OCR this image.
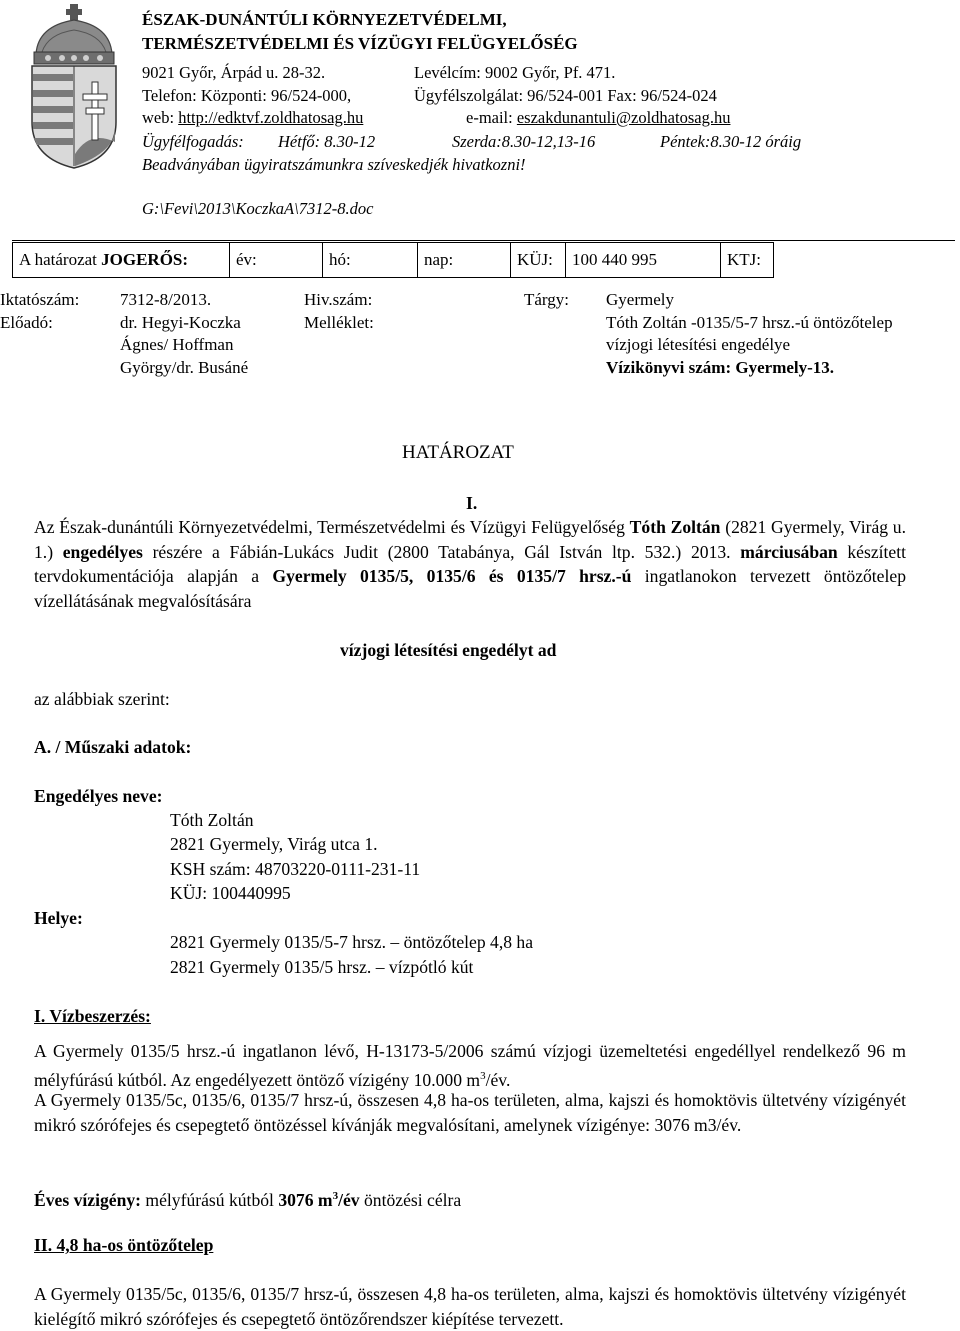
ÉSZAK-DUNÁNTÚLI KÖRNYEZETVÉDELMI,
TERMÉSZETVÉDELMI ÉS VÍZÜGYI FELÜGYELŐSÉG
9021 Győr, Árpád u. 28-32.	Levélcím: 9002 Győr, Pf. 471.
Telefon: Központi: 96/524-000,	Ügyfélszolgálat: 96/524-001 Fax: 96/524-024
web: http://edktvf.zoldhatosag.hu	e-mail: eszakdunantuli@zoldhatosag.hu
Ügyfélfogadás: Hétfő: 8.30-12	Szerda:8.30-12,13-16	Péntek:8.30-12 óráig
Beadványában ügyiratszámunkra szíveskedjék hivatkozni!
G:\Fevi\2013\KoczkaA\7312-8.doc
A határozat JOGERŐS:	év:	hó:	nap:	KÜJ:	100 440 995	KTJ:
Iktatószám: 7312-8/2013.
Előadó:	dr. Hegyi-Koczka
Ágnes/ Hoffman
György/dr. Busáné
Hiv.szám:
Melléklet:
Tárgy: Gyermely
Tóth Zoltán -0135/5-7 hrsz.-ú öntözőtelep
vízjogi létesítési engedélye
Vízikönyvi szám: Gyermely-13.
HATÁROZAT
I.
Az Észak-dunántúli Környezetvédelmi, Természetvédelmi és Vízügyi Felügyelőség Tóth Zoltán (2821 Gyermely, Virág u. 1.) engedélyes részére a Fábián-Lukács Judit (2800 Tatabánya, Gál István ltp. 532.) 2013. márciusában készített tervdokumentációja alapján a Gyermely 0135/5, 0135/6 és 0135/7 hrsz.-ú ingatlanokon tervezett öntözőtelep vízellátásának megvalósítására
vízjogi létesítési engedélyt ad
az alábbiak szerint:
A. / Műszaki adatok:
Engedélyes neve:
Tóth Zoltán
2821 Gyermely, Virág utca 1.
KSH szám: 48703220-0111-231-11
KÜJ: 100440995
Helye:
2821 Gyermely 0135/5-7 hrsz. – öntözőtelep 4,8 ha
2821 Gyermely 0135/5 hrsz. – vízpótló kút
I. Vízbeszerzés:
A Gyermely 0135/5 hrsz.-ú ingatlanon lévő, H-13173-5/2006 számú vízjogi üzemeltetési engedéllyel rendelkező 96 m mélyfúrású kútból. Az engedélyezett öntöző vízigény 10.000 $m^3/év$.
A Gyermely 0135/5c, 0135/6, 0135/7 hrsz-ú, összesen 4,8 ha-os területen, alma, kajszi és homoktövis ültetvény vízigényét mikró szórófejes és csepegtető öntözéssel kívánják megvalósítani, amelynek vízigénye: 3076 m3/év.
Éves vízigény: mélyfúrású kútból 3076 $m^3/év$ öntözési célra
II. 4,8 ha-os öntözőtelep
A Gyermely 0135/5c, 0135/6, 0135/7 hrsz-ú, összesen 4,8 ha-os területen, alma, kajszi és homoktövis ültetvény vízigényét kielégítő mikró szórófejes és csepegtető öntözőrendszer kiépítése tervezett.
